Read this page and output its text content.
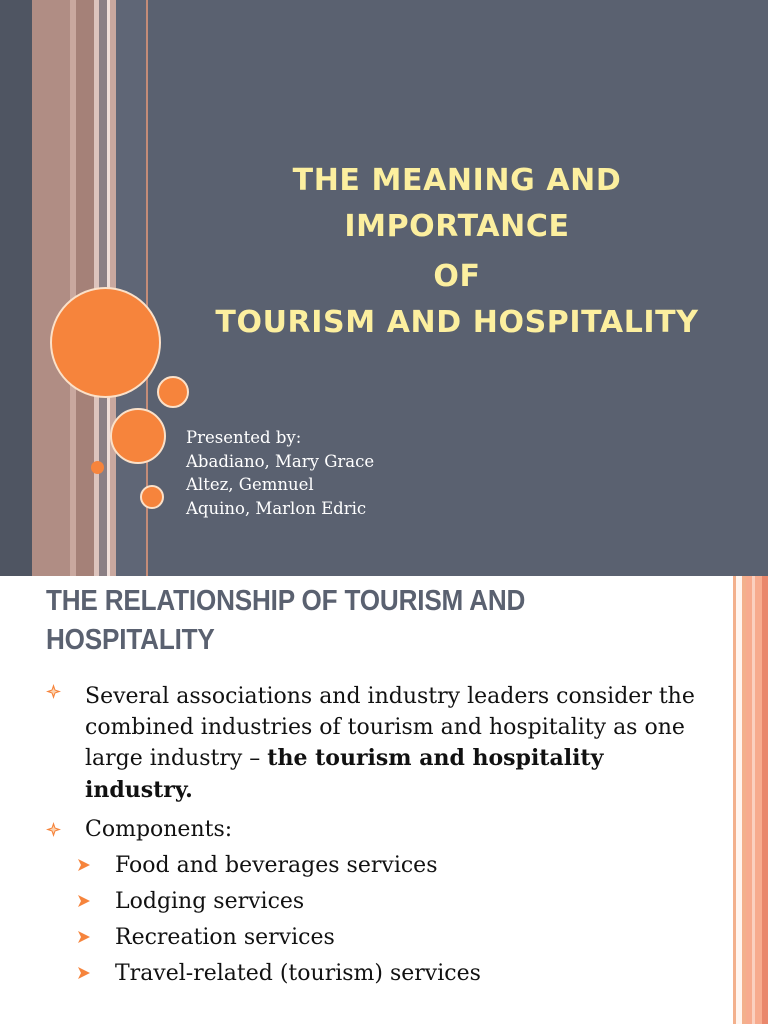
THE MEANING AND
IMPORTANCE
OF
TOURISM AND HOSPITALITY
Presented by:
Abadiano, Mary Grace
Altez, Gemnuel
Aquino, Marlon Edric
THE RELATIONSHIP OF TOURISM AND
HOSPITALITY
Several associations and industry leaders consider the combined industries of tourism and hospitality as one large industry – the tourism and hospitality industry.
Components:
Food and beverages services
Lodging services
Recreation services
Travel-related (tourism) services
